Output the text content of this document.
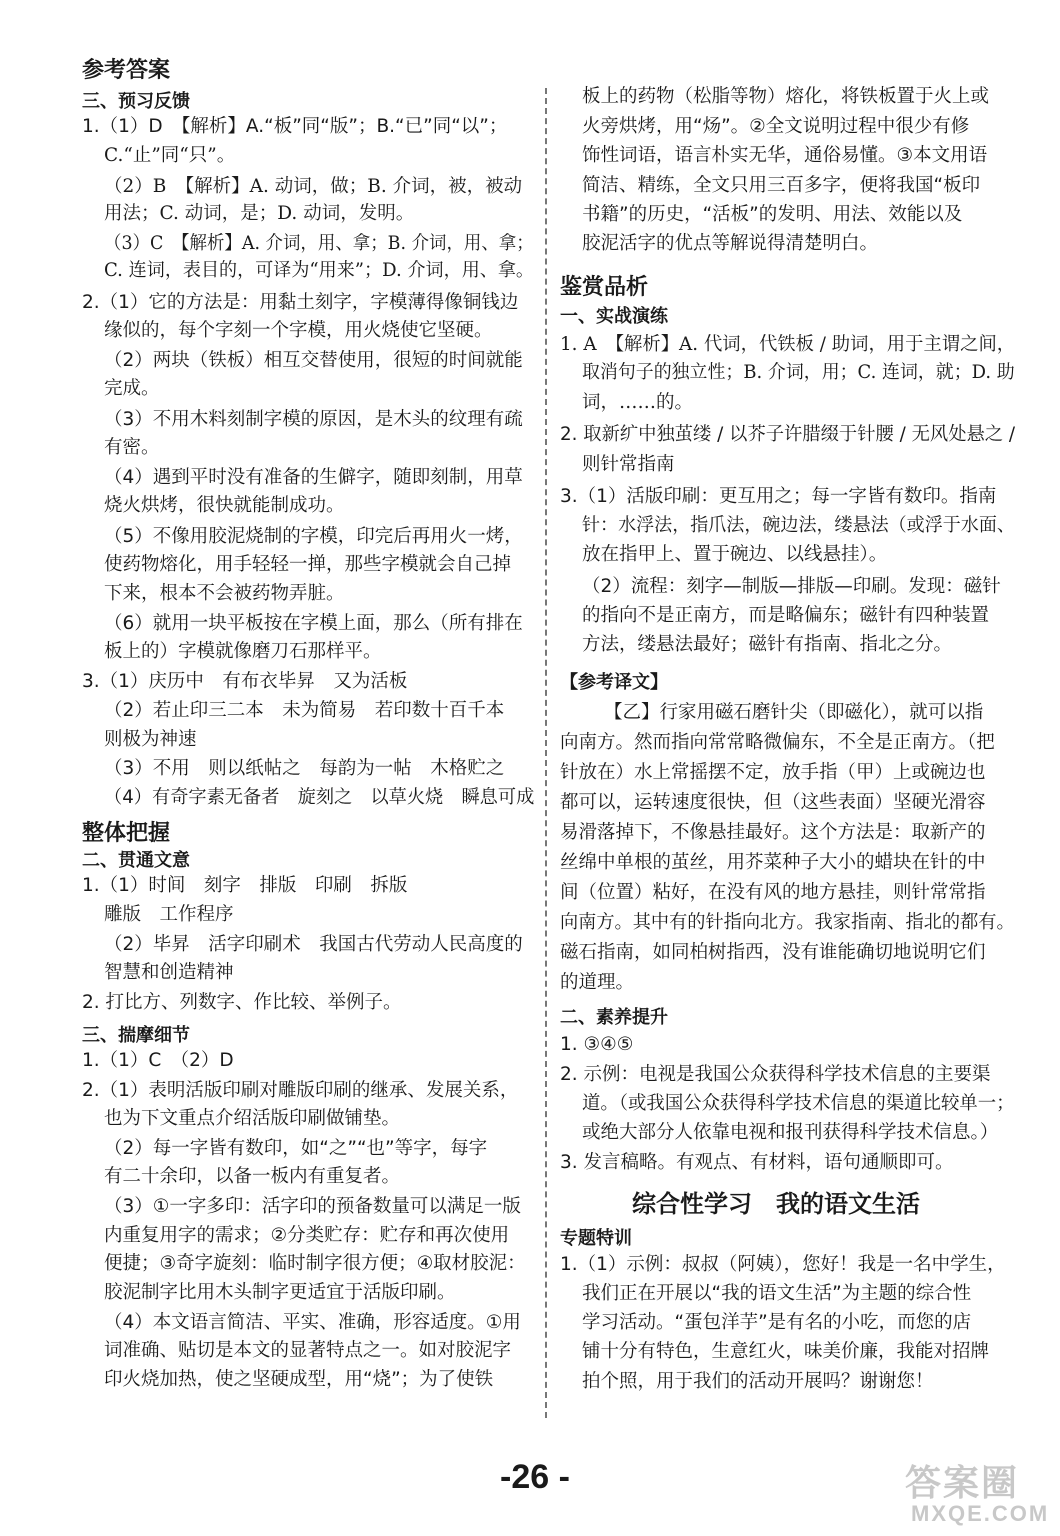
参考答案
三、预习反馈
1.（1）D　【解析】A.“板”同“版”；B.“已”同“以”；
C.“止”同“只”。
（2）B　【解析】A. 动词，做；B. 介词，被，被动
用法；C. 动词，是；D. 动词，发明。
（3）C　【解析】A. 介词，用、拿；B. 介词，用、拿；
C. 连词，表目的，可译为“用来”；D. 介词，用、拿。
2.（1）它的方法是：用黏土刻字，字模薄得像铜钱边
缘似的，每个字刻一个字模，用火烧使它坚硬。
（2）两块（铁板）相互交替使用，很短的时间就能
完成。
（3）不用木料刻制字模的原因，是木头的纹理有疏
有密。
（4）遇到平时没有准备的生僻字，随即刻制，用草
烧火烘烤，很快就能制成功。
（5）不像用胶泥烧制的字模，印完后再用火一烤，
使药物熔化，用手轻轻一掸，那些字模就会自己掉
下来，根本不会被药物弄脏。
（6）就用一块平板按在字模上面，那么（所有排在
板上的）字模就像磨刀石那样平。
3.（1）庆历中　有布衣毕昇　又为活板
（2）若止印三二本　未为简易　若印数十百千本
则极为神速
（3）不用　则以纸帖之　每韵为一帖　木格贮之
（4）有奇字素无备者　旋刻之　以草火烧　瞬息可成
整体把握
二、贯通文意
1.（1）时间　刻字　排版　印刷　拆版
雕版　工作程序
（2）毕昇　活字印刷术　我国古代劳动人民高度的
智慧和创造精神
2. 打比方、列数字、作比较、举例子。
三、揣摩细节
1.（1）C　（2）D
2.（1）表明活版印刷对雕版印刷的继承、发展关系，
也为下文重点介绍活版印刷做铺垫。
（2）每一字皆有数印，如“之”“也”等字，每字
有二十余印，以备一板内有重复者。
（3）①一字多印：活字印的预备数量可以满足一版
内重复用字的需求；②分类贮存：贮存和再次使用
便捷；③奇字旋刻：临时制字很方便；④取材胶泥：
胶泥制字比用木头制字更适宜于活版印刷。
（4）本文语言简洁、平实、准确，形容适度。①用
词准确、贴切是本文的显著特点之一。如对胶泥字
印火烧加热，使之坚硬成型，用“烧”；为了使铁
板上的药物（松脂等物）熔化，将铁板置于火上或
火旁烘烤，用“炀”。②全文说明过程中很少有修
饰性词语，语言朴实无华，通俗易懂。③本文用语
简洁、精练，全文只用三百多字，便将我国“板印
书籍”的历史，“活板”的发明、用法、效能以及
胶泥活字的优点等解说得清楚明白。
鉴赏品析
一、实战演练
1. A　【解析】A. 代词，代铁板 / 助词，用于主谓之间，
取消句子的独立性；B. 介词，用；C. 连词，就；D. 助
词，……的。
2. 取新纩中独茧缕 / 以芥子许腊缀于针腰 / 无风处悬之 /
则针常指南
3.（1）活版印刷：更互用之；每一字皆有数印。指南
针：水浮法，指爪法，碗边法，缕悬法（或浮于水面、
放在指甲上、置于碗边、以线悬挂）。
（2）流程：刻字—制版—排版—印刷。发现：磁针
的指向不是正南方，而是略偏东；磁针有四种装置
方法，缕悬法最好；磁针有指南、指北之分。
【参考译文】
【乙】行家用磁石磨针尖（即磁化），就可以指
向南方。然而指向常常略微偏东，不全是正南方。（把
针放在）水上常摇摆不定，放手指（甲）上或碗边也
都可以，运转速度很快，但（这些表面）坚硬光滑容
易滑落掉下，不像悬挂最好。这个方法是：取新产的
丝绵中单根的茧丝，用芥菜种子大小的蜡块在针的中
间（位置）粘好，在没有风的地方悬挂，则针常常指
向南方。其中有的针指向北方。我家指南、指北的都有。
磁石指南，如同柏树指西，没有谁能确切地说明它们
的道理。
二、素养提升
1. ③④⑤
2. 示例：电视是我国公众获得科学技术信息的主要渠
道。（或我国公众获得科学技术信息的渠道比较单一；
或绝大部分人依靠电视和报刊获得科学技术信息。）
3. 发言稿略。有观点、有材料，语句通顺即可。
综合性学习　我的语文生活
专题特训
1.（1）示例：叔叔（阿姨），您好！我是一名中学生，
我们正在开展以“我的语文生活”为主题的综合性
学习活动。“蛋包洋芋”是有名的小吃，而您的店
铺十分有特色，生意红火，味美价廉，我能对招牌
拍个照，用于我们的活动开展吗？谢谢您！
-26 -	答案圈
MXQE.COM
